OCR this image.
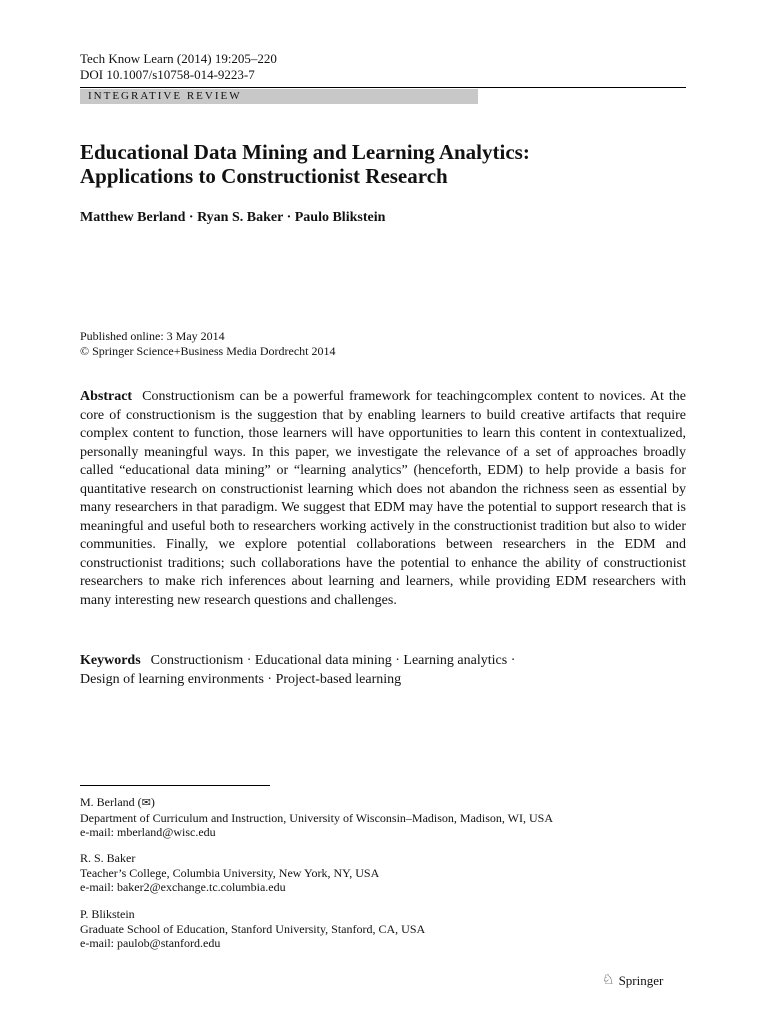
Tech Know Learn (2014) 19:205–220
DOI 10.1007/s10758-014-9223-7
INTEGRATIVE REVIEW
Educational Data Mining and Learning Analytics:
Applications to Constructionist Research
Matthew Berland · Ryan S. Baker · Paulo Blikstein
Published online: 3 May 2014
© Springer Science+Business Media Dordrecht 2014
Abstract Constructionism can be a powerful framework for teachingcomplex content to novices. At the core of constructionism is the suggestion that by enabling learners to build creative artifacts that require complex content to function, those learners will have opportunities to learn this content in contextualized, personally meaningful ways. In this paper, we investigate the relevance of a set of approaches broadly called “educational data mining” or “learning analytics” (henceforth, EDM) to help provide a basis for quantitative research on constructionist learning which does not abandon the richness seen as essential by many researchers in that paradigm. We suggest that EDM may have the potential to support research that is meaningful and useful both to researchers working actively in the constructionist tradition but also to wider communities. Finally, we explore potential collaborations between researchers in the EDM and constructionist traditions; such collaborations have the potential to enhance the ability of constructionist researchers to make rich inferences about learning and learners, while providing EDM researchers with many interesting new research questions and challenges.
Keywords Constructionism · Educational data mining · Learning analytics ·
Design of learning environments · Project-based learning
M. Berland (✉)
Department of Curriculum and Instruction, University of Wisconsin–Madison, Madison, WI, USA
e-mail: mberland@wisc.edu
R. S. Baker
Teacher’s College, Columbia University, New York, NY, USA
e-mail: baker2@exchange.tc.columbia.edu
P. Blikstein
Graduate School of Education, Stanford University, Stanford, CA, USA
e-mail: paulob@stanford.edu
♘ Springer
